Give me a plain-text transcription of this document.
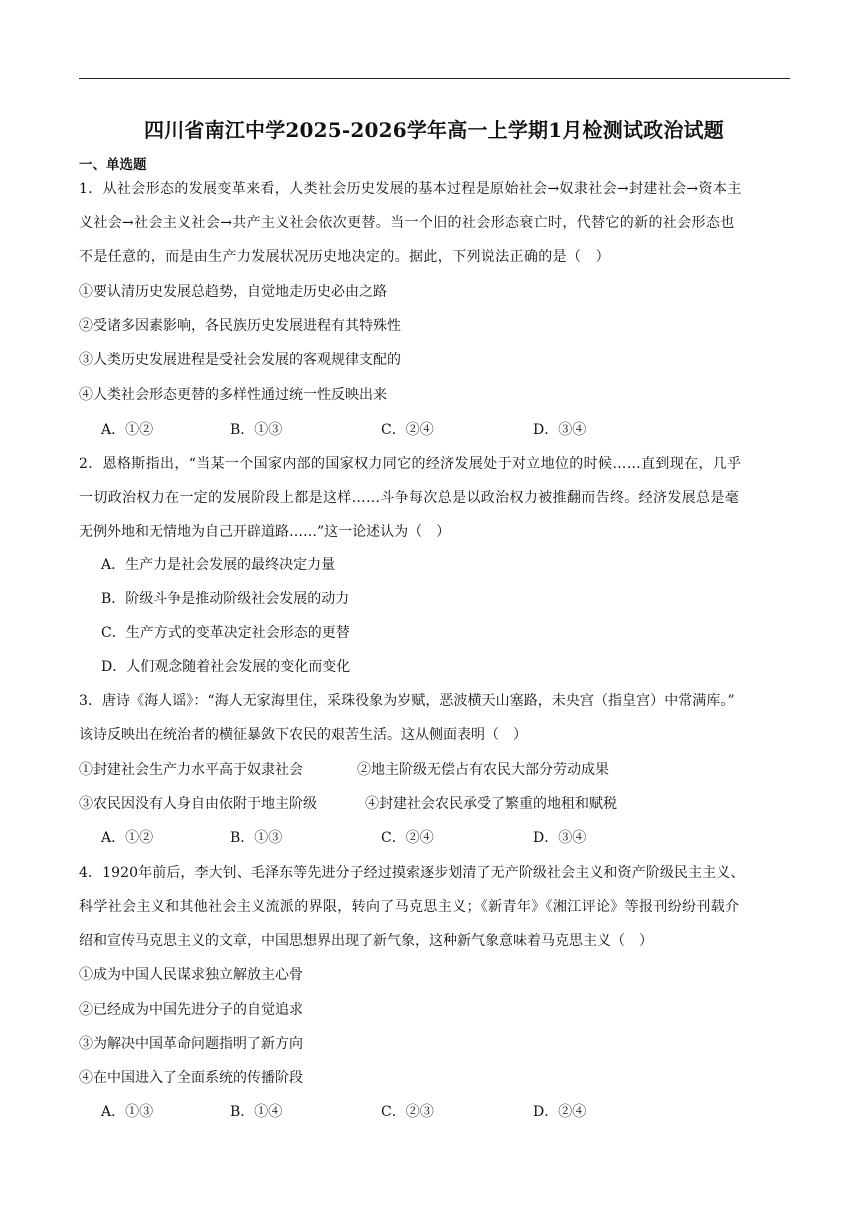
四川省南江中学2025-2026学年高一上学期1月检测试政治试题
一、单选题
1．从社会形态的发展变革来看，人类社会历史发展的基本过程是原始社会→奴隶社会→封建社会→资本主
义社会→社会主义社会→共产主义社会依次更替。当一个旧的社会形态衰亡时，代替它的新的社会形态也
不是任意的，而是由生产力发展状况历史地决定的。据此，下列说法正确的是（　）
①要认清历史发展总趋势，自觉地走历史必由之路
②受诸多因素影响，各民族历史发展进程有其特殊性
③人类历史发展进程是受社会发展的客观规律支配的
④人类社会形态更替的多样性通过统一性反映出来
A．①②	B．①③	C．②④	D．③④
2．恩格斯指出，“当某一个国家内部的国家权力同它的经济发展处于对立地位的时候……直到现在，几乎
一切政治权力在一定的发展阶段上都是这样……斗争每次总是以政治权力被推翻而告终。经济发展总是毫
无例外地和无情地为自己开辟道路……”这一论述认为（　）
A．生产力是社会发展的最终决定力量
B．阶级斗争是推动阶级社会发展的动力
C．生产方式的变革决定社会形态的更替
D．人们观念随着社会发展的变化而变化
3．唐诗《海人谣》：“海人无家海里住，采珠役象为岁赋，恶波横天山塞路，未央宫（指皇宫）中常满库。”
该诗反映出在统治者的横征暴敛下农民的艰苦生活。这从侧面表明（　）
①封建社会生产力水平高于奴隶社会	②地主阶级无偿占有农民大部分劳动成果
③农民因没有人身自由依附于地主阶级	④封建社会农民承受了繁重的地租和赋税
A．①②	B．①③	C．②④	D．③④
4．1920年前后，李大钊、毛泽东等先进分子经过摸索逐步划清了无产阶级社会主义和资产阶级民主主义、
科学社会主义和其他社会主义流派的界限，转向了马克思主义；《新青年》《湘江评论》等报刊纷纷刊载介
绍和宣传马克思主义的文章，中国思想界出现了新气象，这种新气象意味着马克思主义（　）
①成为中国人民谋求独立解放主心骨
②已经成为中国先进分子的自觉追求
③为解决中国革命问题指明了新方向
④在中国进入了全面系统的传播阶段
A．①③	B．①④	C．②③	D．②④
